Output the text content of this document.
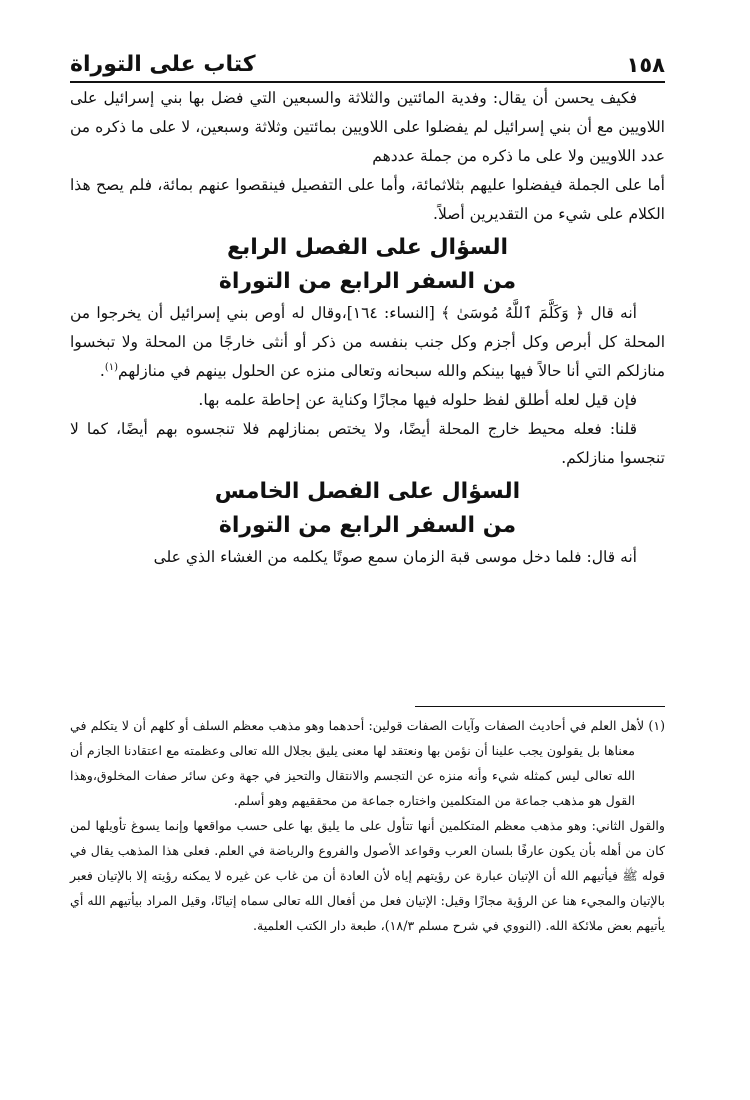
١٥٨
كتاب على التوراة

فكيف يحسن أن يقال: وفدية المائتين والثلاثة والسبعين التي فضل بها بني إسرائيل على اللاويين مع أن بني إسرائيل لم يفضلوا على اللاويين بمائتين وثلاثة وسبعين، لا على ما ذكره من عدد اللاويين ولا على ما ذكره من جملة عددهم

أما على الجملة فيفضلوا عليهم بثلاثمائة، وأما على التفصيل فينقصوا عنهم بمائة، فلم يصح هذا الكلام على شيء من التقديرين أصلاً.

السؤال على الفصل الرابع

من السفر الرابع من التوراة

أنه قال ﴿ وَكَلَّمَ ٱللَّهُ مُوسَىٰ ﴾ [النساء: ١٦٤]،وقال له أوص بني إسرائيل أن يخرجوا من المحلة كل أبرص وكل أجزم وكل جنب بنفسه من ذكر أو أنثى خارجًا من المحلة ولا تبخسوا منازلكم التي أنا حالاً فيها بينكم والله سبحانه وتعالى منزه عن الحلول بينهم في منازلهم$^{(١)}$.

فإن قيل لعله أطلق لفظ حلوله فيها مجازًا وكناية عن إحاطة علمه بها.

قلنا: فعله محيط خارج المحلة أيضًا، ولا يختص بمنازلهم فلا تنجسوه بهم أيضًا، كما لا تنجسوا منازلكم.

السؤال على الفصل الخامس

من السفر الرابع من التوراة

أنه قال: فلما دخل موسى قبة الزمان سمع صوتًا يكلمه من الغشاء الذي على

(١) لأهل العلم في أحاديث الصفات وآيات الصفات قولين: أحدهما وهو مذهب معظم السلف أو كلهم أن لا يتكلم في معناها بل يقولون يجب علينا أن نؤمن بها ونعتقد لها معنى يليق بجلال الله تعالى وعظمته مع اعتقادنا الجازم أن الله تعالى ليس كمثله شيء وأنه منزه عن التجسم والانتقال والتحيز في جهة وعن سائر صفات المخلوق،وهذا القول هو مذهب جماعة من المتكلمين واختاره جماعة من محققيهم وهو أسلم.

والقول الثاني: وهو مذهب معظم المتكلمين أنها تتأول على ما يليق بها على حسب مواقعها وإنما يسوغ تأويلها لمن كان من أهله بأن يكون عارفًا بلسان العرب وقواعد الأصول والفروع والرياضة في العلم. فعلى هذا المذهب يقال في قوله ﷺ فيأتيهم الله أن الإتيان عبارة عن رؤيتهم إياه لأن العادة أن من غاب عن غيره لا يمكنه رؤيته إلا بالإتيان فعبر بالإتيان والمجيء هنا عن الرؤية مجازًا وقيل: الإتيان فعل من أفعال الله تعالى سماه إتيانًا، وقيل المراد بيأتيهم الله أي يأتيهم بعض ملائكة الله. (النووي في شرح مسلم ١٨/٣)، طبعة دار الكتب العلمية.
